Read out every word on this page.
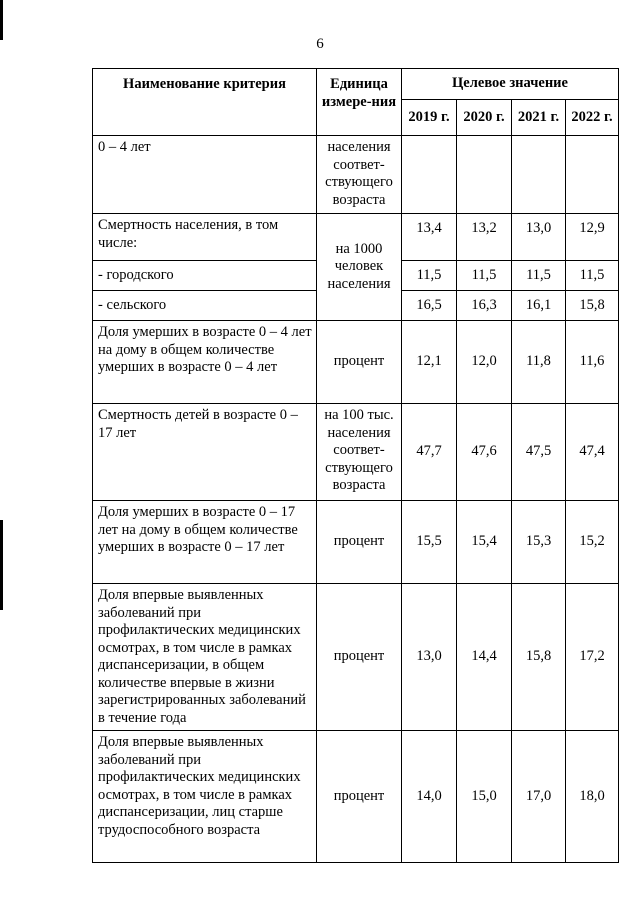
6
Наименование критерия	Единица измере-ния	Целевое значение			
		2019 г.	2020 г.	2021 г.	2022 г.
0 – 4 лет	населения соответ-ствующего возраста				
Смертность населения, в том числе:	на 1000 человек населения	13,4	13,2	13,0	12,9
- городского		11,5	11,5	11,5	11,5
- сельского		16,5	16,3	16,1	15,8
Доля умерших в возрасте 0 – 4 лет на дому в общем количестве умерших в возрасте 0 – 4 лет	процент	12,1	12,0	11,8	11,6
Смертность детей в возрасте 0 – 17 лет	на 100 тыс. населения соответ-ствующего возраста	47,7	47,6	47,5	47,4
Доля умерших в возрасте 0 – 17 лет на дому в общем количестве умерших в возрасте 0 – 17 лет	процент	15,5	15,4	15,3	15,2
Доля впервые выявленных заболеваний при профилактических медицинских осмотрах, в том числе в рамках диспансеризации, в общем количестве впервые в жизни зарегистрированных заболеваний в течение года	процент	13,0	14,4	15,8	17,2
Доля впервые выявленных заболеваний при профилактических медицинских осмотрах, в том числе в рамках диспансеризации, лиц старше трудоспособного возраста	процент	14,0	15,0	17,0	18,0
